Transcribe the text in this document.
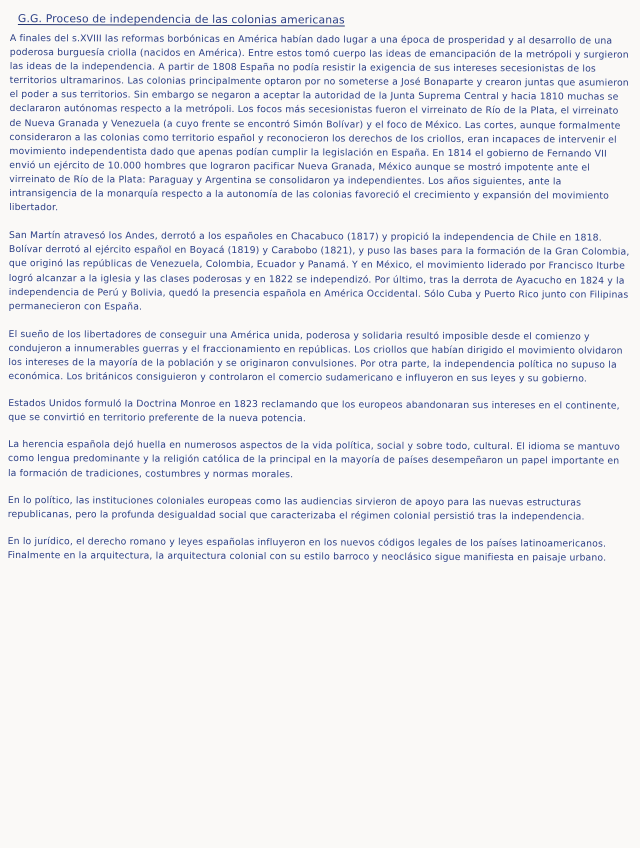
G.G. Proceso de independencia de las colonias americanas

A finales del s.XVIII las reformas borbónicas en América habían dado lugar a una época de prosperidad y al desarrollo de una poderosa burguesía criolla (nacidos en América). Entre estos tomó cuerpo las ideas de emancipación de la metrópoli y surgieron las ideas de la independencia. A partir de 1808 España no podía resistir la exigencia de sus intereses secesionistas de los territorios ultramarinos. Las colonias principalmente optaron por no someterse a José Bonaparte y crearon juntas que asumieron el poder a sus territorios. Sin embargo se negaron a aceptar la autoridad de la Junta Suprema Central y hacia 1810 muchas se declararon autónomas respecto a la metrópoli. Los focos más secesionistas fueron el virreinato de Río de la Plata, el virreinato de Nueva Granada y Venezuela (a cuyo frente se encontró Simón Bolívar) y el foco de México. Las cortes, aunque formalmente consideraron a las colonias como territorio español y reconocieron los derechos de los criollos, eran incapaces de intervenir el movimiento independentista dado que apenas podían cumplir la legislación en España. En 1814 el gobierno de Fernando VII envió un ejército de 10.000 hombres que lograron pacificar Nueva Granada, México aunque se mostró impotente ante el virreinato de Río de la Plata: Paraguay y Argentina se consolidaron ya independientes. Los años siguientes, ante la intransigencia de la monarquía respecto a la autonomía de las colonias favoreció el crecimiento y expansión del movimiento libertador.

San Martín atravesó los Andes, derrotó a los españoles en Chacabuco (1817) y propició la independencia de Chile en 1818. Bolívar derrotó al ejército español en Boyacá (1819) y Carabobo (1821), y puso las bases para la formación de la Gran Colombia, que originó las repúblicas de Venezuela, Colombia, Ecuador y Panamá. Y en México, el movimiento liderado por Francisco Iturbe logró alcanzar a la iglesia y las clases poderosas y en 1822 se independizó. Por último, tras la derrota de Ayacucho en 1824 y la independencia de Perú y Bolivia, quedó la presencia española en América Occidental. Sólo Cuba y Puerto Rico junto con Filipinas permanecieron con España.

El sueño de los libertadores de conseguir una América unida, poderosa y solidaria resultó imposible desde el comienzo y condujeron a innumerables guerras y el fraccionamiento en repúblicas. Los criollos que habían dirigido el movimiento olvidaron los intereses de la mayoría de la población y se originaron convulsiones. Por otra parte, la independencia política no supuso la económica. Los británicos consiguieron y controlaron el comercio sudamericano e influyeron en sus leyes y su gobierno.

Estados Unidos formuló la Doctrina Monroe en 1823 reclamando que los europeos abandonaran sus intereses en el continente, que se convirtió en territorio preferente de la nueva potencia.

La herencia española dejó huella en numerosos aspectos de la vida política, social y sobre todo, cultural. El idioma se mantuvo como lengua predominante y la religión católica de la principal en la mayoría de países desempeñaron un papel importante en la formación de tradiciones, costumbres y normas morales.

En lo político, las instituciones coloniales europeas como las audiencias sirvieron de apoyo para las nuevas estructuras republicanas, pero la profunda desigualdad social que caracterizaba el régimen colonial persistió tras la independencia.

En lo jurídico, el derecho romano y leyes españolas influyeron en los nuevos códigos legales de los países latinoamericanos. Finalmente en la arquitectura, la arquitectura colonial con su estilo barroco y neoclásico sigue manifiesta en paisaje urbano.
